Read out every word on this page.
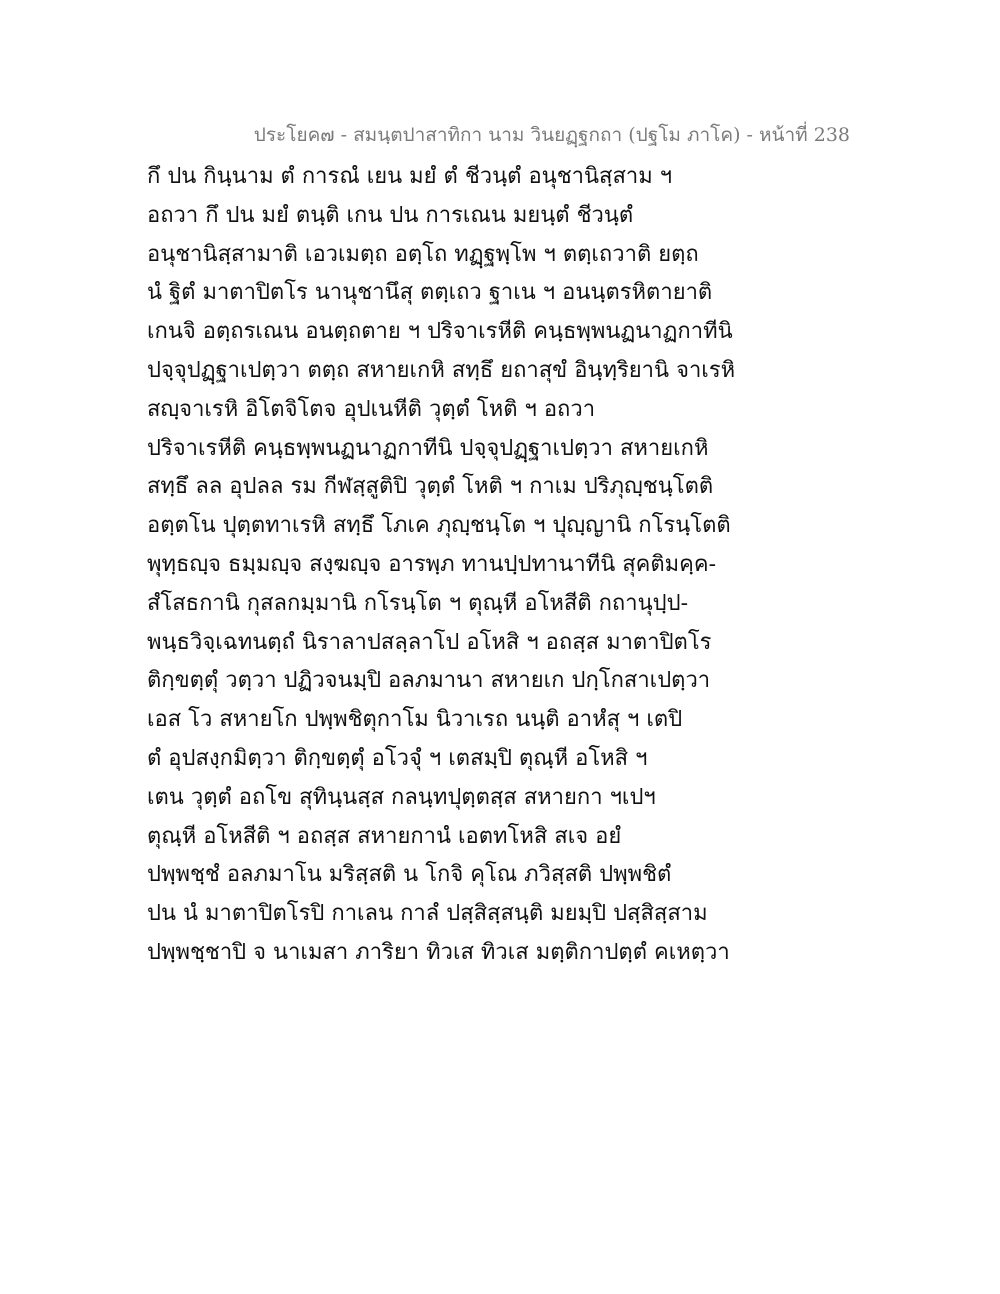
ประโยค๗ - สมนฺตปาสาทิกา นาม วินยฏฺฐกถา (ปฐโม ภาโค) - หน้าที่ 238
กึ ปน กินฺนาม ตํ การณํ เยน มยํ ตํ ชีวนฺตํ อนุชานิสฺสาม ฯ
อถวา กึ ปน มยํ ตนฺติ เกน ปน การเณน มยนฺตํ ชีวนฺตํ
อนุชานิสฺสามาติ เอวเมตฺถ อตฺโถ ทฏฺฐพฺโพ ฯ ตตฺเถวาติ ยตฺถ
นํ ฐิตํ มาตาปิตโร นานุชานึสุ ตตฺเถว ฐาเน ฯ อนนฺตรหิตายาติ
เกนจิ อตฺถรเณน อนตฺถตาย ฯ ปริจาเรหีติ คนฺธพฺพนฏนาฏกาทีนิ
ปจฺจุปฏฺฐาเปตฺวา ตตฺถ สหายเกหิ สทฺธึ ยถาสุขํ อินฺทฺริยานิ จาเรหิ
สญฺจาเรหิ อิโตจิโตจ อุปเนหีติ วุตฺตํ โหติ ฯ อถวา
ปริจาเรหีติ คนฺธพฺพนฏนาฏกาทีนิ ปจฺจุปฏฺฐาเปตฺวา สหายเกหิ
สทฺธึ ลล อุปลล รม กีฬสฺสูติปิ วุตฺตํ โหติ ฯ กาเม ปริภุญฺชนฺโตติ
อตฺตโน ปุตฺตทาเรหิ สทฺธึ โภเค ภุญฺชนฺโต ฯ ปุญฺญานิ กโรนฺโตติ
พุทฺธญฺจ ธมฺมญฺจ สงฺฆญฺจ อารพฺภ ทานปฺปทานาทีนิ สุคติมคฺค-
สํโสธกานิ กุสลกมฺมานิ กโรนฺโต ฯ ตุณฺหี อโหสีติ กถานุปฺป-
พนฺธวิจฺเฉทนตฺถํ นิราลาปสลฺลาโป อโหสิ ฯ อถสฺส มาตาปิตโร
ติกฺขตฺตุํ วตฺวา ปฏิวจนมฺปิ อลภมานา สหายเก ปกฺโกสาเปตฺวา
เอส โว สหายโก ปพฺพชิตุกาโม นิวาเรถ นนฺติ อาหํสุ ฯ เตปิ
ตํ อุปสงฺกมิตฺวา ติกฺขตฺตุํ อโวจุํ ฯ เตสมฺปิ ตุณฺหี อโหสิ ฯ
เตน วุตฺตํ อถโข สุทินฺนสฺส กลนฺทปุตฺตสฺส สหายกา ฯเปฯ
ตุณฺหี อโหสีติ ฯ อถสฺส สหายกานํ เอตทโหสิ สเจ อยํ
ปพฺพชฺชํ อลภมาโน มริสฺสติ น โกจิ คุโณ ภวิสฺสติ ปพฺพชิตํ
ปน นํ มาตาปิตโรปิ กาเลน กาลํ ปสฺสิสฺสนฺติ มยมฺปิ ปสฺสิสฺสาม
ปพฺพชฺชาปิ จ นาเมสา ภาริยา ทิวเส ทิวเส มตฺติกาปตฺตํ คเหตฺวา
